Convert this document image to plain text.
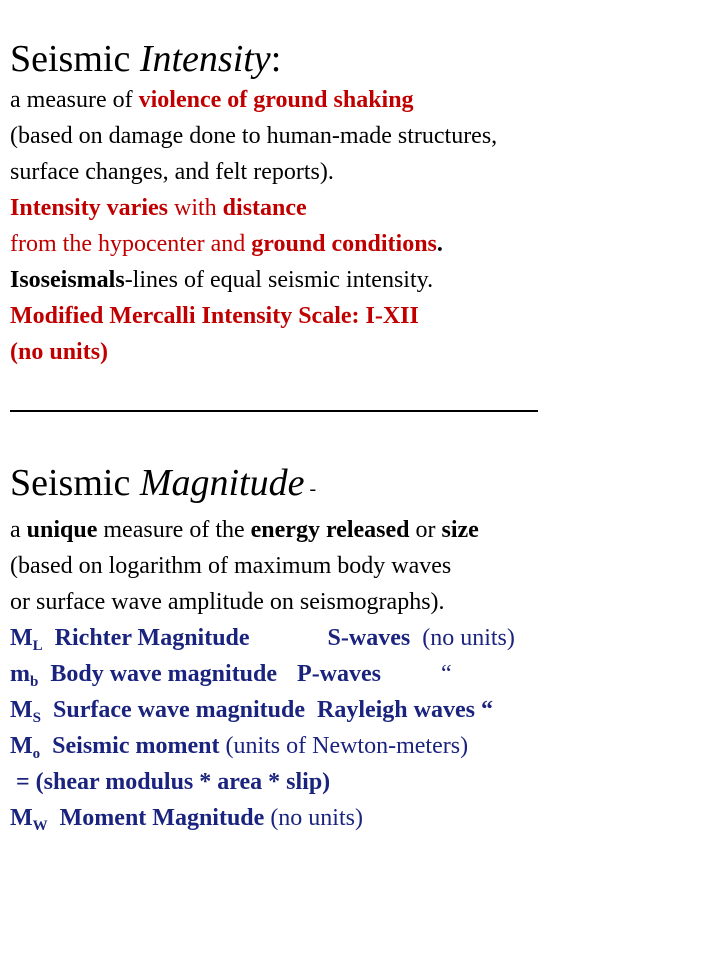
Seismic Intensity:
a measure of violence of ground shaking
(based on damage done to human-made structures,
surface changes, and felt reports).
Intensity varies with distance
from the hypocenter and ground conditions.
Isoseismals-lines of equal seismic intensity.
Modified Mercalli Intensity Scale: I-XII
(no units)
Seismic Magnitude -
a unique measure of the energy released or size
(based on logarithm of maximum body waves
or surface wave amplitude on seismographs).
$M_L$  Richter Magnitude	S-waves  (no units)
$m_b$  Body wave magnitude P-waves	“
$M_S$  Surface wave magnitude Rayleigh waves “
$M_o$  Seismic moment (units of Newton-meters)
= (shear modulus * area * slip)
$M_W$  Moment Magnitude (no units)
